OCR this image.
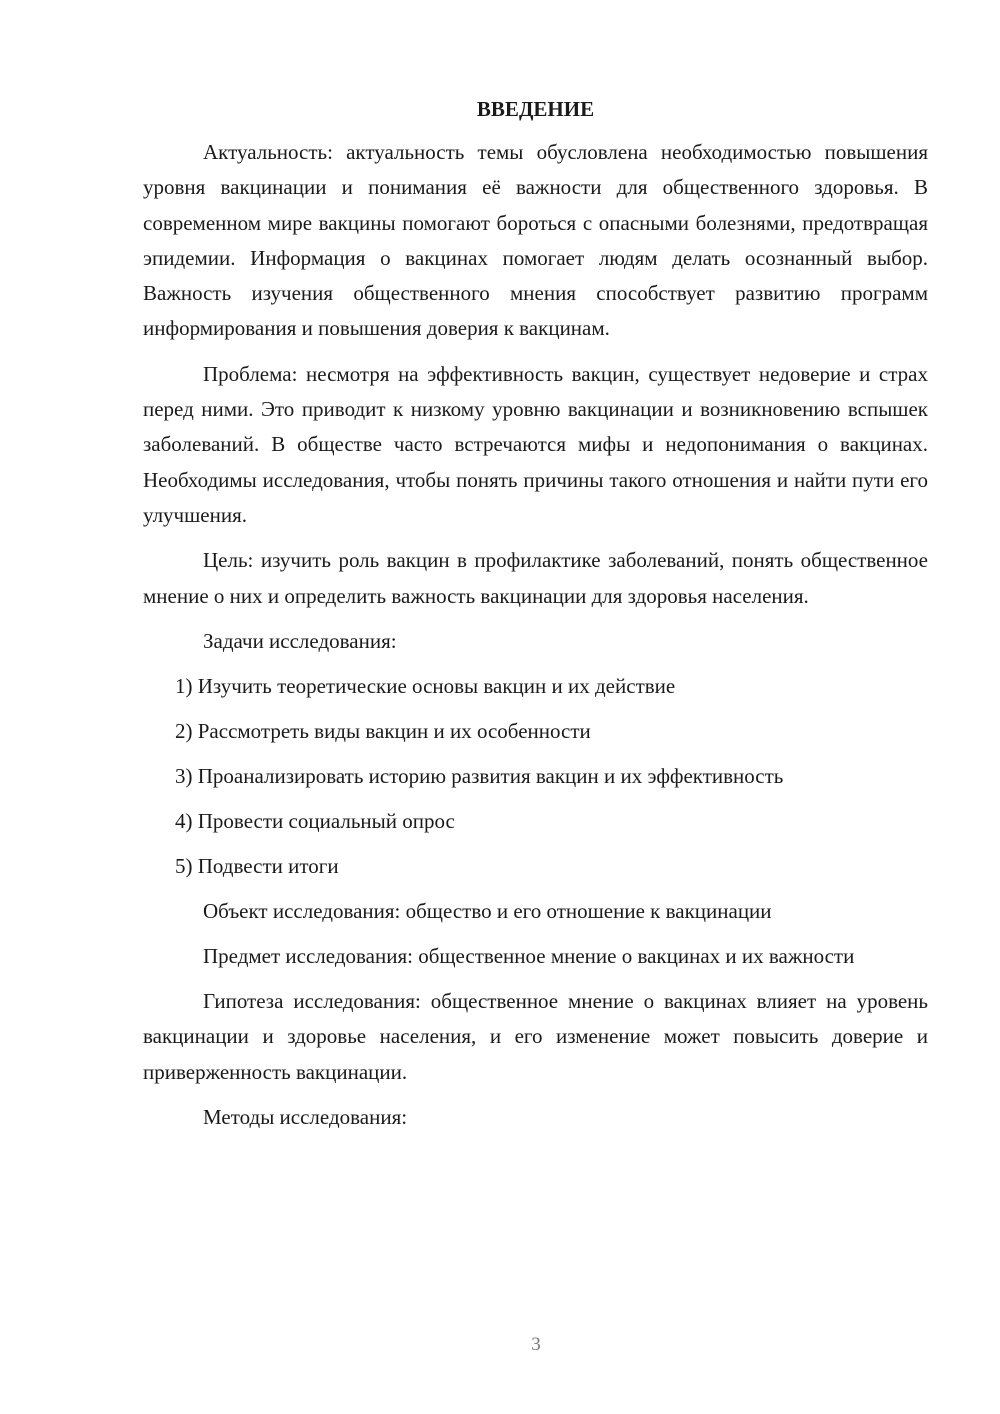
ВВЕДЕНИЕ

Актуальность: актуальность темы обусловлена необходимостью повышения уровня вакцинации и понимания её важности для общественного здоровья. В современном мире вакцины помогают бороться с опасными болезнями, предотвращая эпидемии. Информация о вакцинах помогает людям делать осознанный выбор. Важность изучения общественного мнения способствует развитию программ информирования и повышения доверия к вакцинам.

Проблема: несмотря на эффективность вакцин, существует недоверие и страх перед ними. Это приводит к низкому уровню вакцинации и возникновению вспышек заболеваний. В обществе часто встречаются мифы и недопонимания о вакцинах. Необходимы исследования, чтобы понять причины такого отношения и найти пути его улучшения.

Цель: изучить роль вакцин в профилактике заболеваний, понять общественное мнение о них и определить важность вакцинации для здоровья населения.

Задачи исследования:
1) Изучить теоретические основы вакцин и их действие
2) Рассмотреть виды вакцин и их особенности
3) Проанализировать историю развития вакцин и их эффективность
4) Провести социальный опрос
5) Подвести итоги
Объект исследования: общество и его отношение к вакцинации

Предмет исследования: общественное мнение о вакцинах и их важности

Гипотеза исследования: общественное мнение о вакцинах влияет на уровень вакцинации и здоровье населения, и его изменение может повысить доверие и приверженность вакцинации.

Методы исследования:
3
